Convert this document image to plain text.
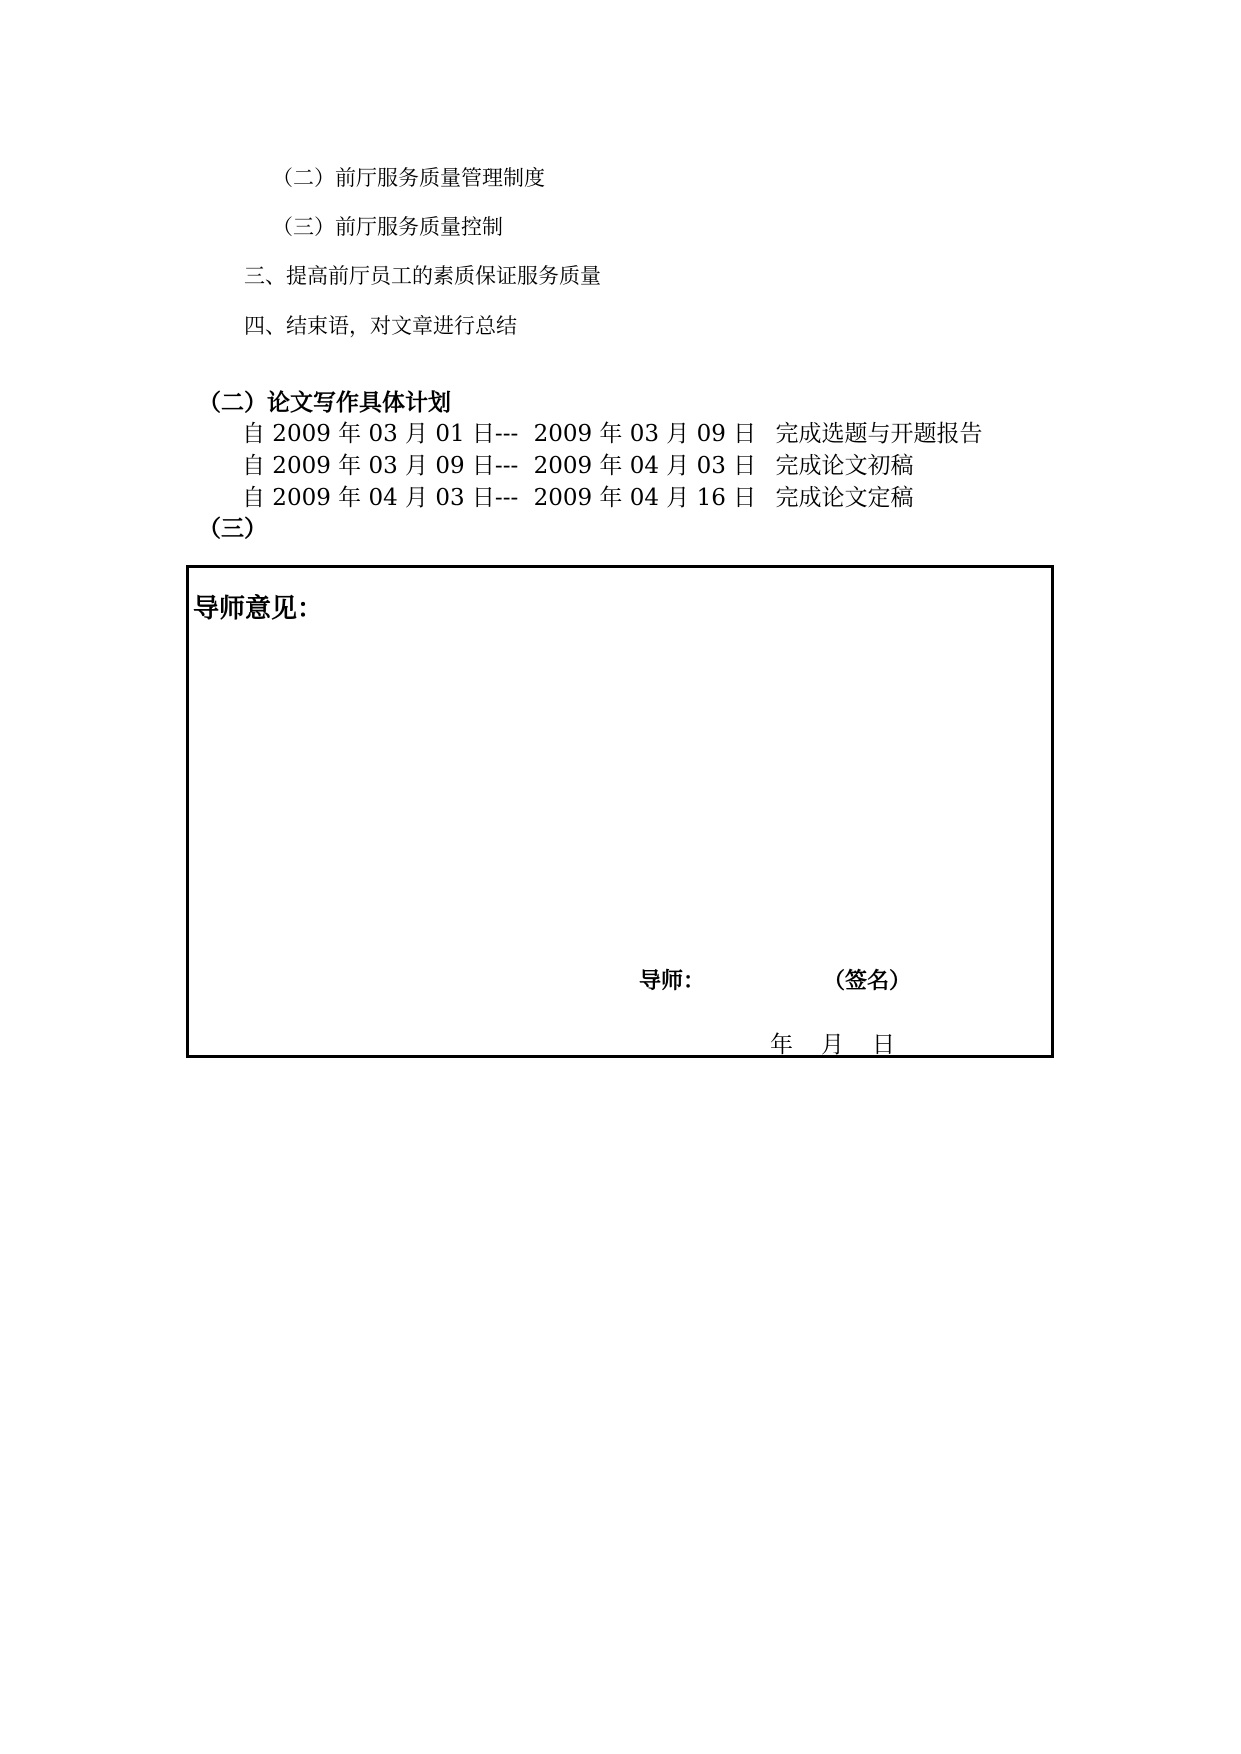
（二）前厅服务质量管理制度
（三）前厅服务质量控制
三、提高前厅员工的素质保证服务质量
四、结束语，对文章进行总结
（二）论文写作具体计划
自 2009 年 03 月 01 日--- 2009 年 03 月 09 日 完成选题与开题报告
自 2009 年 03 月 09 日--- 2009 年 04 月 03 日 完成论文初稿
自 2009 年 04 月 03 日--- 2009 年 04 月 16 日 完成论文定稿
（三）
导师意见：
导师：	（签名）
年 月 日
